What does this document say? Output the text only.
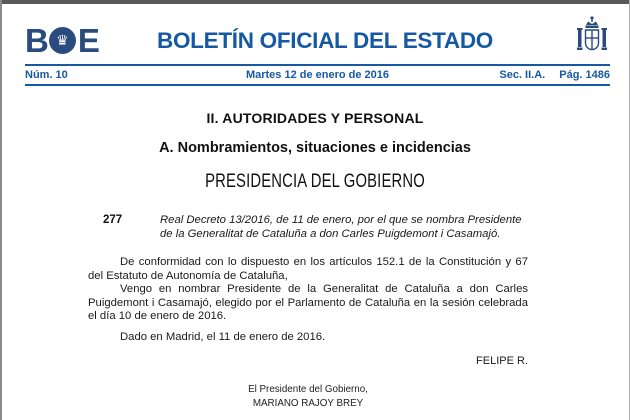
B ♛ E	BOLETÍN OFICIAL DEL ESTADO
Núm. 10	Martes 12 de enero de 2016	Sec. II.A. Pág. 1486
II. AUTORIDADES Y PERSONAL
A. Nombramientos, situaciones e incidencias
PRESIDENCIA DEL GOBIERNO
277	Real Decreto 13/2016, de 11 de enero, por el que se nombra Presidente de la Generalitat de Cataluña a don Carles Puigdemont i Casamajó.

De conformidad con lo dispuesto en los artículos 152.1 de la Constitución y 67 del Estatuto de Autonomía de Cataluña,

Vengo en nombrar Presidente de la Generalitat de Cataluña a don Carles Puigdemont i Casamajó, elegido por el Parlamento de Cataluña en la sesión celebrada el día 10 de enero de 2016.

Dado en Madrid, el 11 de enero de 2016.

FELIPE R.
El Presidente del Gobierno,
MARIANO RAJOY BREY
